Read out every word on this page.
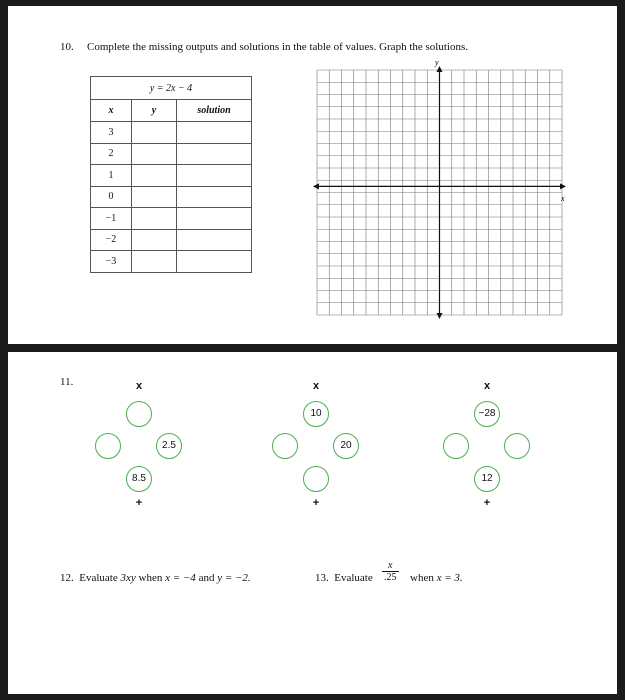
10. Complete the missing outputs and solutions in the table of values. Graph the solutions.
y = 2x − 4		
x	y	solution
3		
2		
1		
0		
−1		
−2		
−3		
x
y
11.	x
2.5
8.5
+
x
10
20
+
x
−28
12
+
12. Evaluate 3xy when x = −4 and y = −2.	13. Evaluate $\frac{x}{.25}$ when x = 3.
